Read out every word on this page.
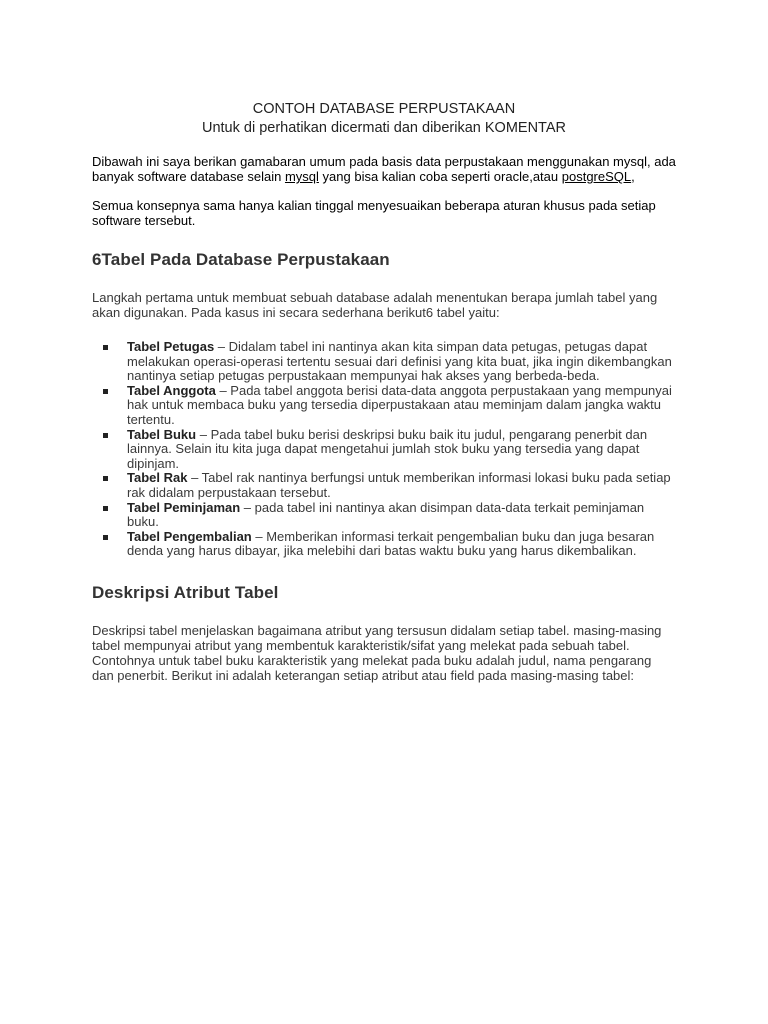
CONTOH DATABASE PERPUSTAKAAN
Untuk di perhatikan dicermati dan diberikan KOMENTAR

Dibawah ini saya berikan gamabaran umum pada basis data perpustakaan menggunakan mysql, ada banyak software database selain mysql yang bisa kalian coba seperti oracle,atau postgreSQL,

Semua konsepnya sama hanya kalian tinggal menyesuaikan beberapa aturan khusus pada setiap software tersebut.

6Tabel Pada Database Perpustakaan

Langkah pertama untuk membuat sebuah database adalah menentukan berapa jumlah tabel yang akan digunakan. Pada kasus ini secara sederhana berikut6 tabel yaitu:

Tabel Petugas – Didalam tabel ini nantinya akan kita simpan data petugas, petugas dapat melakukan operasi-operasi tertentu sesuai dari definisi yang kita buat, jika ingin dikembangkan nantinya setiap petugas perpustakaan mempunyai hak akses yang berbeda-beda.
Tabel Anggota – Pada tabel anggota berisi data-data anggota perpustakaan yang mempunyai hak untuk membaca buku yang tersedia diperpustakaan atau meminjam dalam jangka waktu tertentu.
Tabel Buku – Pada tabel buku berisi deskripsi buku baik itu judul, pengarang penerbit dan lainnya. Selain itu kita juga dapat mengetahui jumlah stok buku yang tersedia yang dapat dipinjam.
Tabel Rak – Tabel rak nantinya berfungsi untuk memberikan informasi lokasi buku pada setiap rak didalam perpustakaan tersebut.
Tabel Peminjaman – pada tabel ini nantinya akan disimpan data-data terkait peminjaman buku.
Tabel Pengembalian – Memberikan informasi terkait pengembalian buku dan juga besaran denda yang harus dibayar, jika melebihi dari batas waktu buku yang harus dikembalikan.
Deskripsi Atribut Tabel

Deskripsi tabel menjelaskan bagaimana atribut yang tersusun didalam setiap tabel. masing-masing tabel mempunyai atribut yang membentuk karakteristik/sifat yang melekat pada sebuah tabel. Contohnya untuk tabel buku karakteristik yang melekat pada buku adalah judul, nama pengarang dan penerbit. Berikut ini adalah keterangan setiap atribut atau field pada masing-masing tabel:
